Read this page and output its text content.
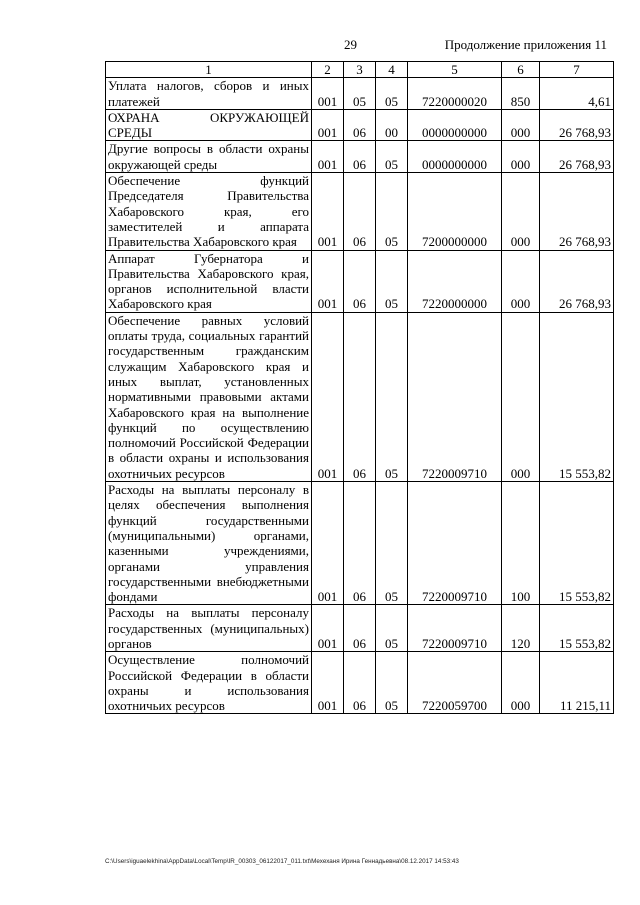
29	Продолжение приложения 11
1	2	3	4	5	6	7
Уплата налогов, сборов и иных платежей	001	05	05	7220000020	850	4,61
ОХРАНА ОКРУЖАЮЩЕЙ СРЕДЫ	001	06	00	0000000000	000	26 768,93
Другие вопросы в области охраны окружающей среды	001	06	05	0000000000	000	26 768,93
Обеспечение функций Председателя Правительства Хабаровского края, его заместителей и аппарата Правительства Хабаровского края	001	06	05	7200000000	000	26 768,93
Аппарат Губернатора и Правительства Хабаровского края, органов исполнительной власти Хабаровского края	001	06	05	7220000000	000	26 768,93
Обеспечение равных условий оплаты труда, социальных гарантий государственным гражданским служащим Хабаровского края и иных выплат, установленных нормативными правовыми актами Хабаровского края на выполнение функций по осуществлению полномочий Российской Федерации в области охраны и использования охотничьих ресурсов	001	06	05	7220009710	000	15 553,82
Расходы на выплаты персоналу в целях обеспечения выполнения функций государственными (муниципальными) органами, казенными учреждениями, органами управления государственными внебюджетными фондами	001	06	05	7220009710	100	15 553,82
Расходы на выплаты персоналу государственных (муниципальных) органов	001	06	05	7220009710	120	15 553,82
Осуществление полномочий Российской Федерации в области охраны и использования охотничьих ресурсов	001	06	05	7220059700	000	11 215,11
C:\Users\iguaelekhina\AppData\Local\Temp\IR_00303_06122017_011.txt\Мехеханя Ирина Геннадьевна\08.12.2017 14:53:43
